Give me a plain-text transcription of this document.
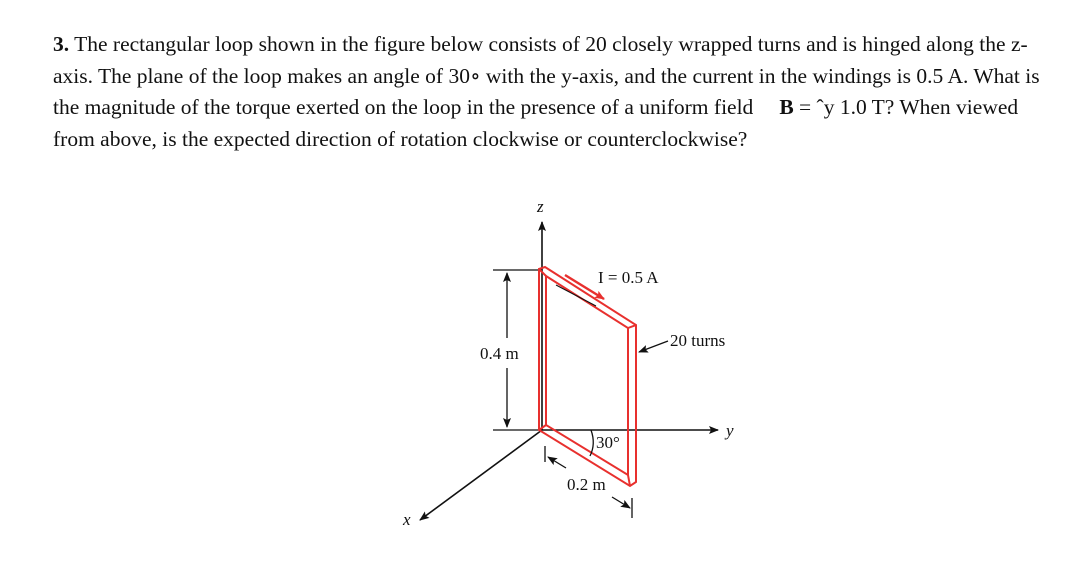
3. The rectangular loop shown in the figure below consists of 20 closely wrapped turns and is hinged along the z-axis. The plane of the loop makes an angle of 30∘ with the y-axis, and the current in the windings is 0.5 A. What is the magnitude of the torque exerted on the loop in the presence of a uniform field B = ˆy 1.0 T? When viewed from above, is the expected direction of rotation clockwise or counterclockwise?

z
y
x
I = 0.5 A
20 turns
0.4 m
30°
0.2 m
